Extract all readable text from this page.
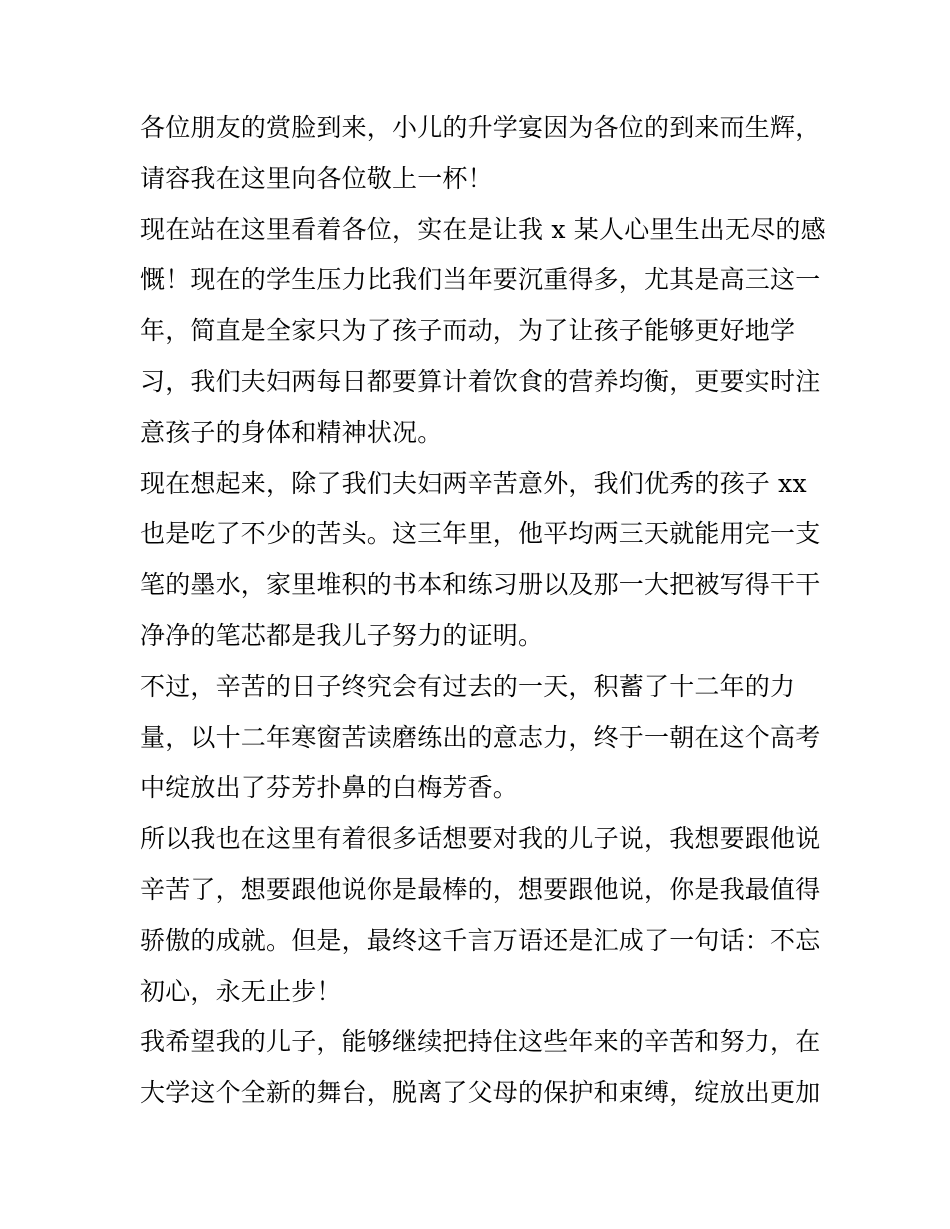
各位朋友的赏脸到来，小儿的升学宴因为各位的到来而生辉，
请容我在这里向各位敬上一杯！
现在站在这里看着各位，实在是让我 x 某人心里生出无尽的感
慨！现在的学生压力比我们当年要沉重得多，尤其是高三这一
年，简直是全家只为了孩子而动，为了让孩子能够更好地学
习，我们夫妇两每日都要算计着饮食的营养均衡，更要实时注
意孩子的身体和精神状况。
现在想起来，除了我们夫妇两辛苦意外，我们优秀的孩子 xx
也是吃了不少的苦头。这三年里，他平均两三天就能用完一支
笔的墨水，家里堆积的书本和练习册以及那一大把被写得干干
净净的笔芯都是我儿子努力的证明。
不过，辛苦的日子终究会有过去的一天，积蓄了十二年的力
量，以十二年寒窗苦读磨练出的意志力，终于一朝在这个高考
中绽放出了芬芳扑鼻的白梅芳香。
所以我也在这里有着很多话想要对我的儿子说，我想要跟他说
辛苦了，想要跟他说你是最棒的，想要跟他说，你是我最值得
骄傲的成就。但是，最终这千言万语还是汇成了一句话：不忘
初心，永无止步！
我希望我的儿子，能够继续把持住这些年来的辛苦和努力，在
大学这个全新的舞台，脱离了父母的保护和束缚，绽放出更加
